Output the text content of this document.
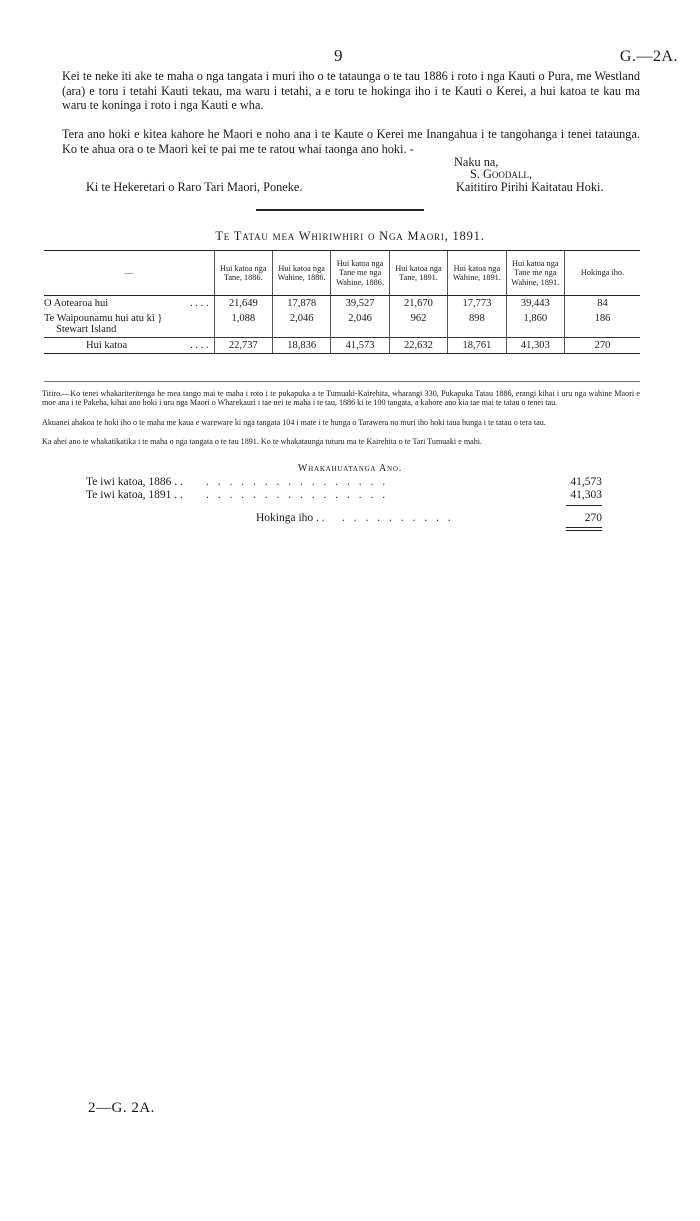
9	G.—2A.
Kei te neke iti ake te maha o nga tangata i muri iho o te tataunga o te tau 1886 i roto i nga Kauti o Pura, me Westland (ara) e toru i tetahi Kauti tekau, ma waru i tetahi, a e toru te hokinga iho i te Kauti o Kerei, a hui katoa te kau ma waru te koninga i roto i nga Kauti e wha.
Tera ano hoki e kitea kahore he Maori e noho ana i te Kaute o Kerei me Inangahua i te tangohanga i tenei tataunga. Ko te ahua ora o te Maori kei te pai me te ratou whai taonga ano hoki. -
Naku na,
S. Goodall,
Ki te Hekeretari o Raro Tari Maori, Poneke.	Kaititiro Pirihi Kaitatau Hoki.
Te Tatau mea Whiriwhiri o Nga Maori, 1891.
—	Hui katoa nga Tane, 1886.	Hui katoa nga Wahine, 1886.	Hui katoa nga Tane me nga Wahine, 1886.	Hui katoa nga Tane, 1891.	Hui katoa nga Wahine, 1891.	Hui katoa nga Tane me nga Wahine, 1891.	Hokinga iho.
O Aotearoa hui . . . .	21,649	17,878	39,527	21,670	17,773	39,443	84

Te Waipounamu hui atu ki }
Stewart Island	1,088	2,046	2,046	962	898	1,860	186
Hui katoa . . . .	22,737	18,836	41,573	22,632	18,761	41,303	270
Titiro.—Ko tenei whakariteritenga he mea tango mai te maha i roto i te pukapuka a te Tumuaki-Kairehita, wharangi 330, Pukapuka Tatau 1886, erangi kihai i uru nga wahine Maori e moe ana i te Pakeha, kihai ano hoki i uru nga Maori o Wharekauri i tae nei te maha i te tau, 1886 ki te 100 tangata, a kahore ano kia tae mai te tatau o tenei tau.
Akuanei ahakoa te hoki iho o te maha me kaua e wareware ki nga tangata 104 i mate i te hunga o Tarawera no muri iho hoki taua hunga i te tatau o tera tau.
Ka ahei ano te whakatikatika i te maha o nga tangata o te tau 1891. Ko te whakataunga tuturu ma te Kairehita o te Tari Tumuaki e mahi.
Whakahuatanga Ano.
Te iwi katoa, 1886 . . . . . . . . . . . . . . . . . .	41,573
Te iwi katoa, 1891 . . . . . . . . . . . . . . . . . .	41,303
Hokinga iho . . . . . . . . . . . .	270
2—G. 2A.
